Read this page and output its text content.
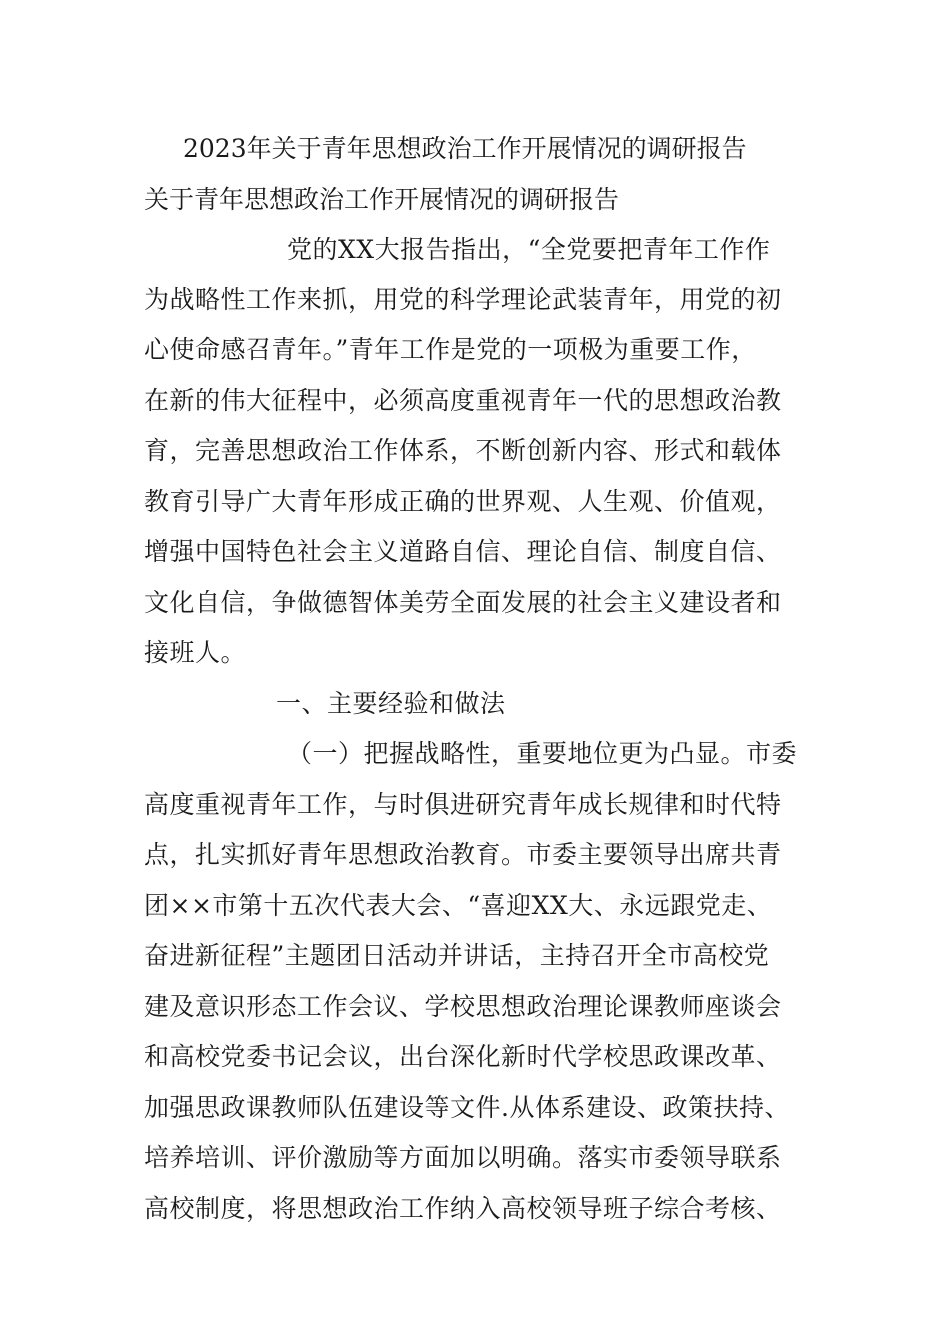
2023年关于青年思想政治工作开展情况的调研报告
关于青年思想政治工作开展情况的调研报告
党的XX大报告指出，“全党要把青年工作作
为战略性工作来抓，用党的科学理论武装青年，用党的初
心使命感召青年。”青年工作是党的一项极为重要工作，
在新的伟大征程中，必须高度重视青年一代的思想政治教
育，完善思想政治工作体系，不断创新内容、形式和载体
教育引导广大青年形成正确的世界观、人生观、价值观，
增强中国特色社会主义道路自信、理论自信、制度自信、
文化自信，争做德智体美劳全面发展的社会主义建设者和
接班人。
一、主要经验和做法
（一）把握战略性，重要地位更为凸显。市委
高度重视青年工作，与时俱进研究青年成长规律和时代特
点，扎实抓好青年思想政治教育。市委主要领导出席共青
团××市第十五次代表大会、“喜迎XX大、永远跟党走、
奋进新征程”主题团日活动并讲话，主持召开全市高校党
建及意识形态工作会议、学校思想政治理论课教师座谈会
和高校党委书记会议，出台深化新时代学校思政课改革、
加强思政课教师队伍建设等文件.从体系建设、政策扶持、
培养培训、评价激励等方面加以明确。落实市委领导联系
高校制度，将思想政治工作纳入高校领导班子综合考核、
